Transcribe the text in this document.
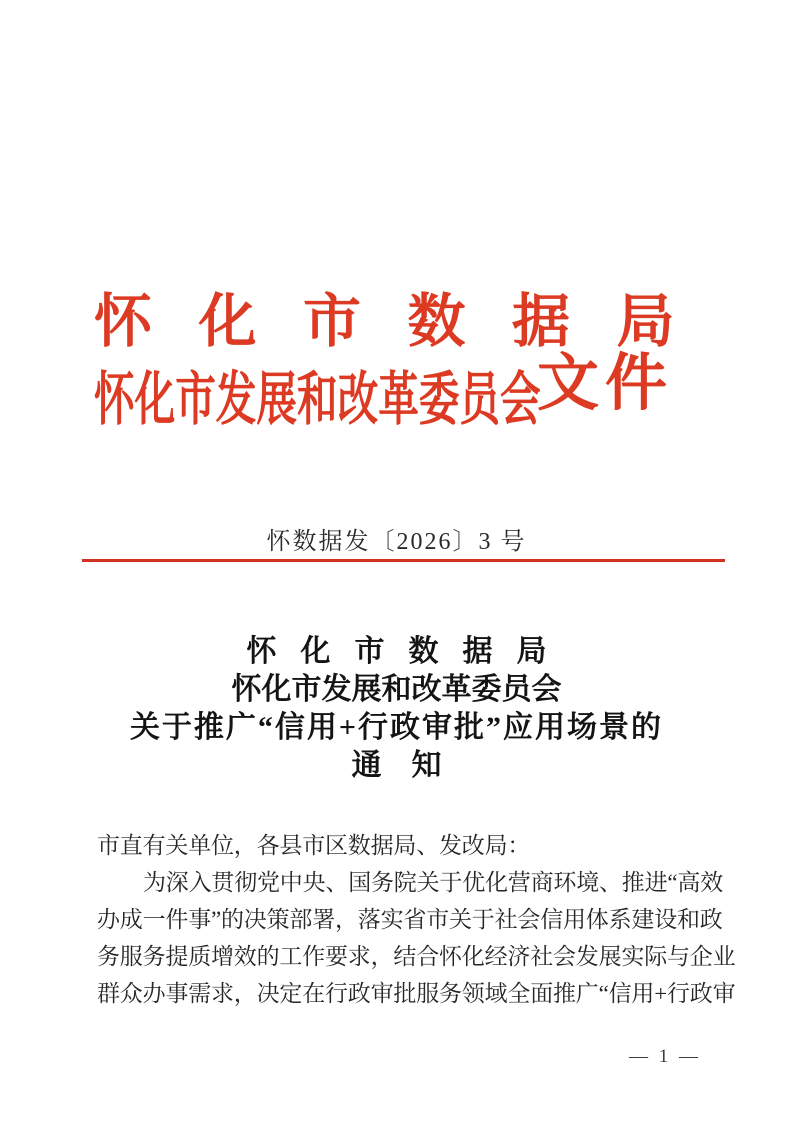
怀 化 市 数 据 局
怀化市发展和改革委员会
文件
怀数据发〔2026〕3 号
怀化市数据局
怀化市发展和改革委员会
关于推广“信用+行政审批”应用场景的
通　知
市直有关单位，各县市区数据局、发改局：
为深入贯彻党中央、国务院关于优化营商环境、推进“高效
办成一件事”的决策部署，落实省市关于社会信用体系建设和政
务服务提质增效的工作要求，结合怀化经济社会发展实际与企业
群众办事需求，决定在行政审批服务领域全面推广“信用+行政审
— 1 —
